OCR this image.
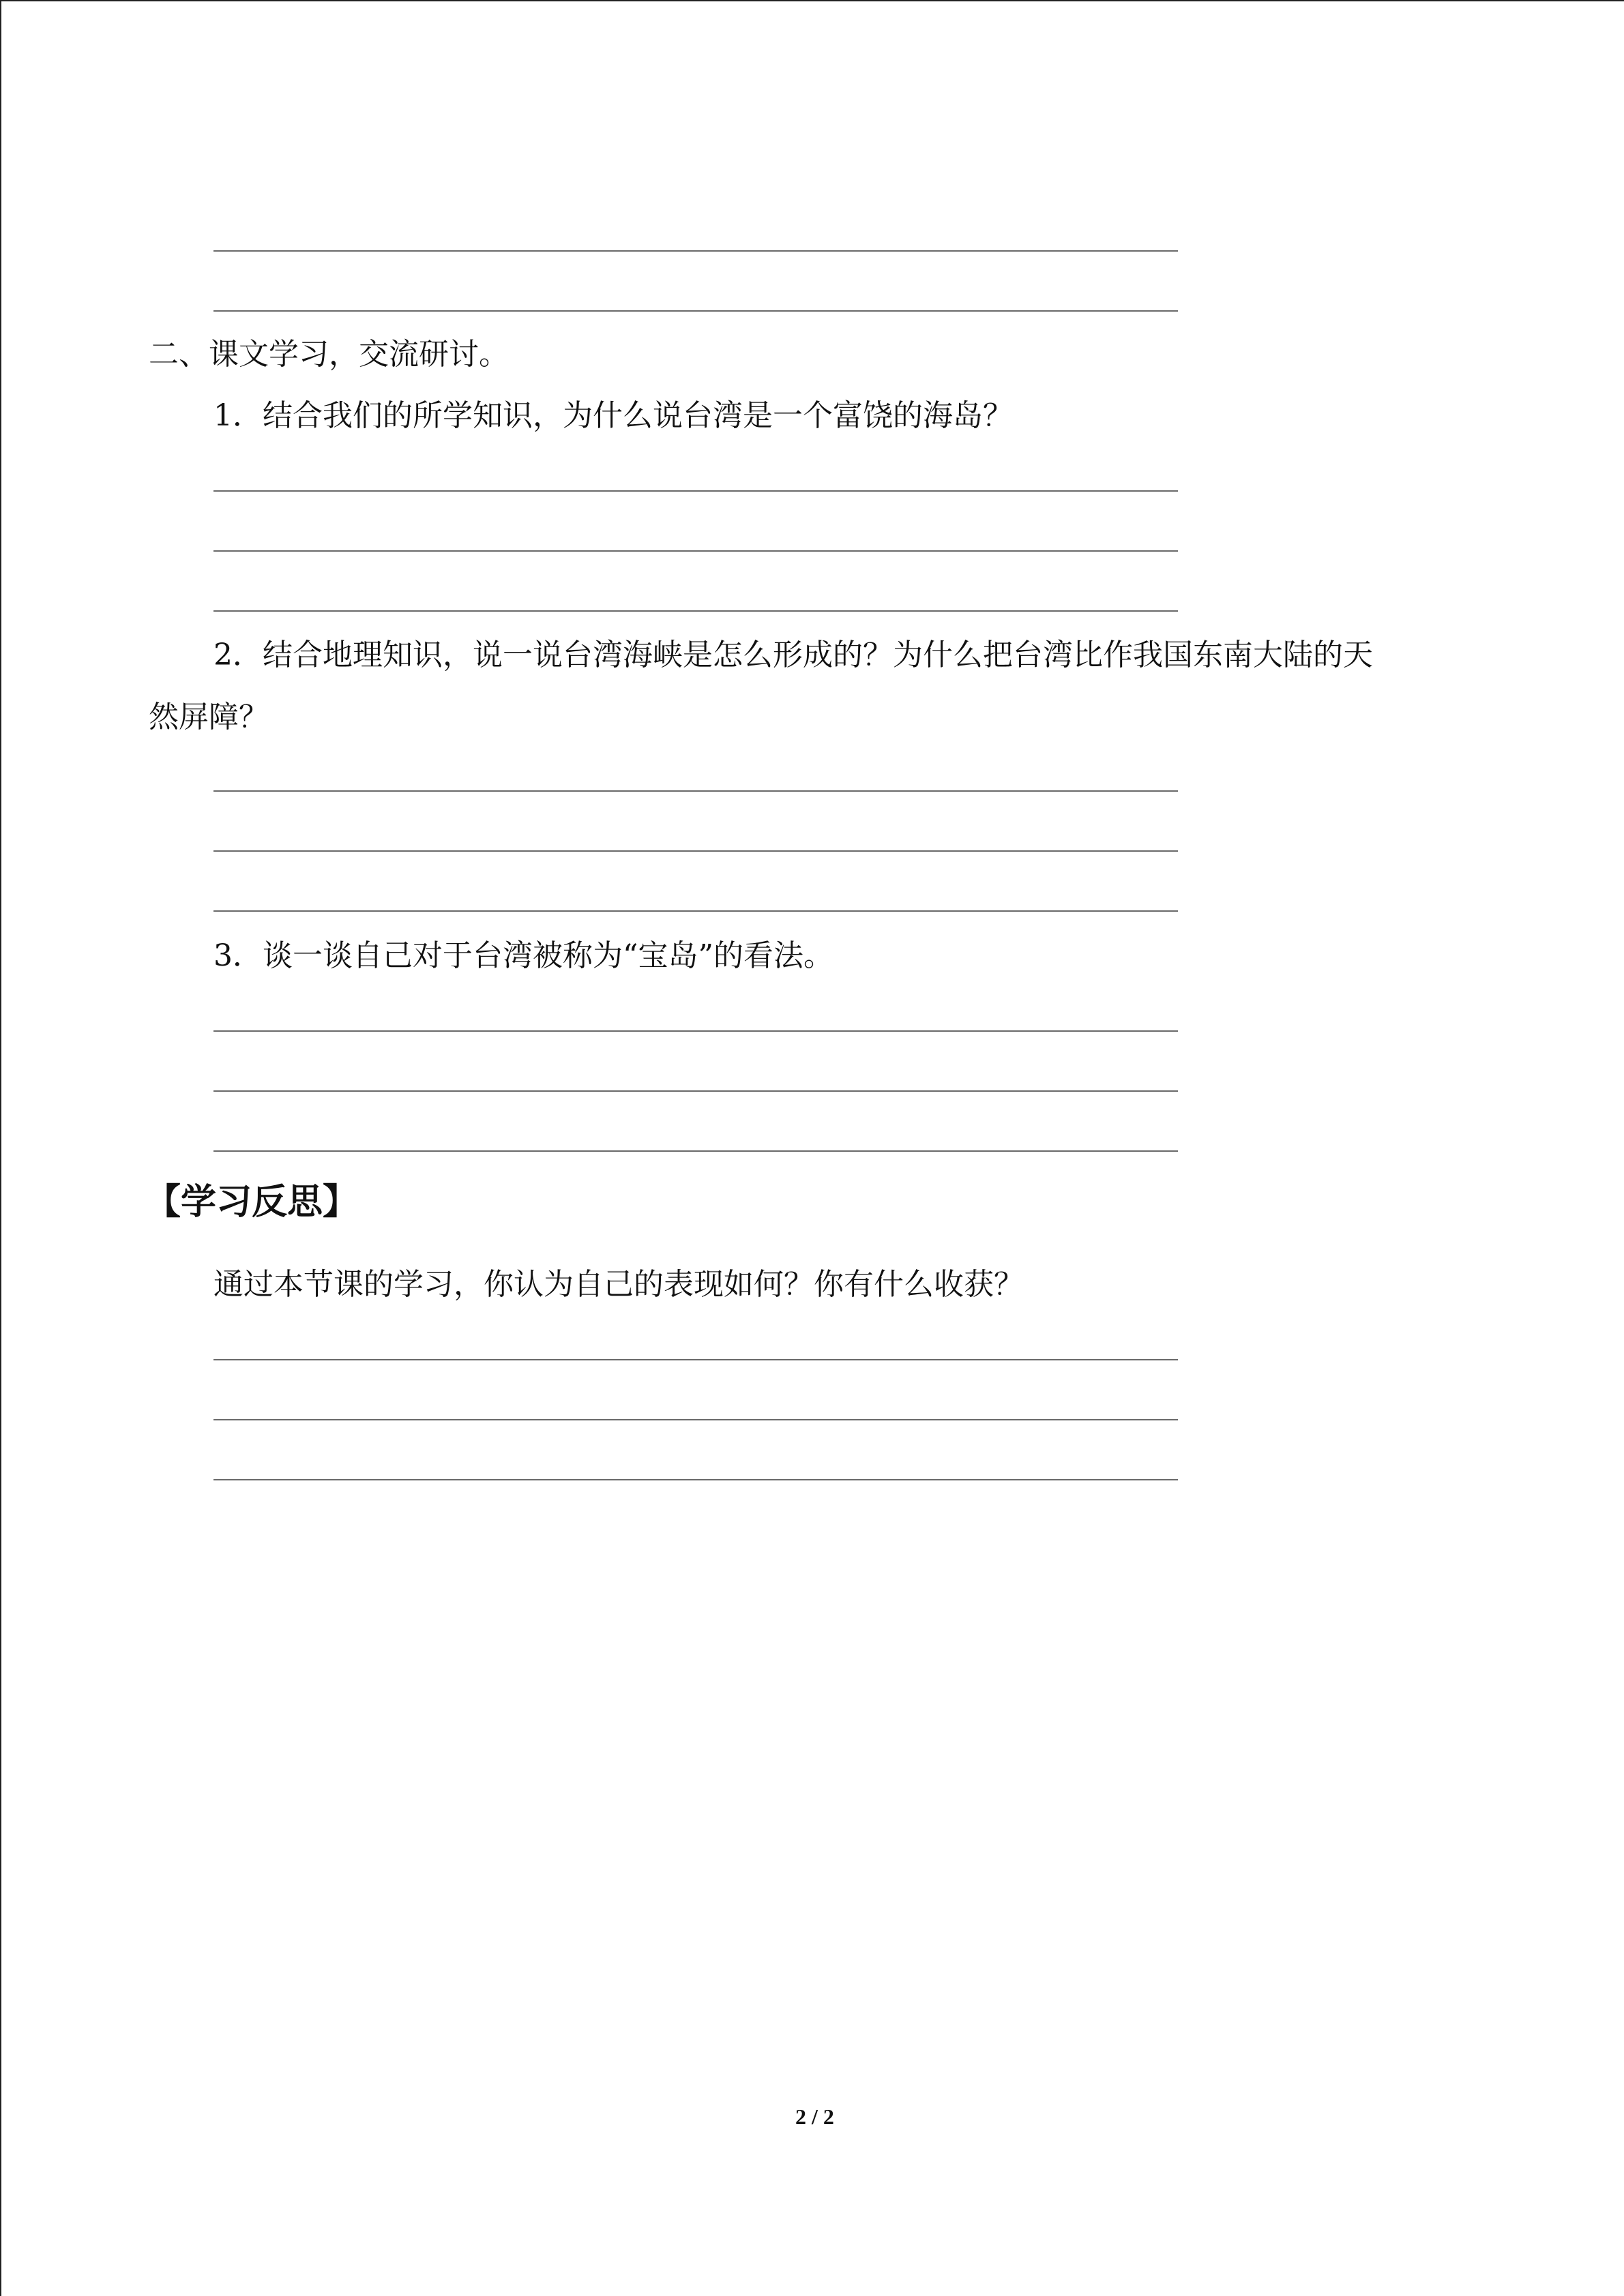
二、课文学习，交流研讨。
1．结合我们的所学知识，为什么说台湾是一个富饶的海岛？
2．结合地理知识，说一说台湾海峡是怎么形成的？为什么把台湾比作我国东南大陆的天
然屏障？
3．谈一谈自己对于台湾被称为“宝岛”的看法。
【学习反思】
通过本节课的学习，你认为自己的表现如何？你有什么收获？
2 / 2
